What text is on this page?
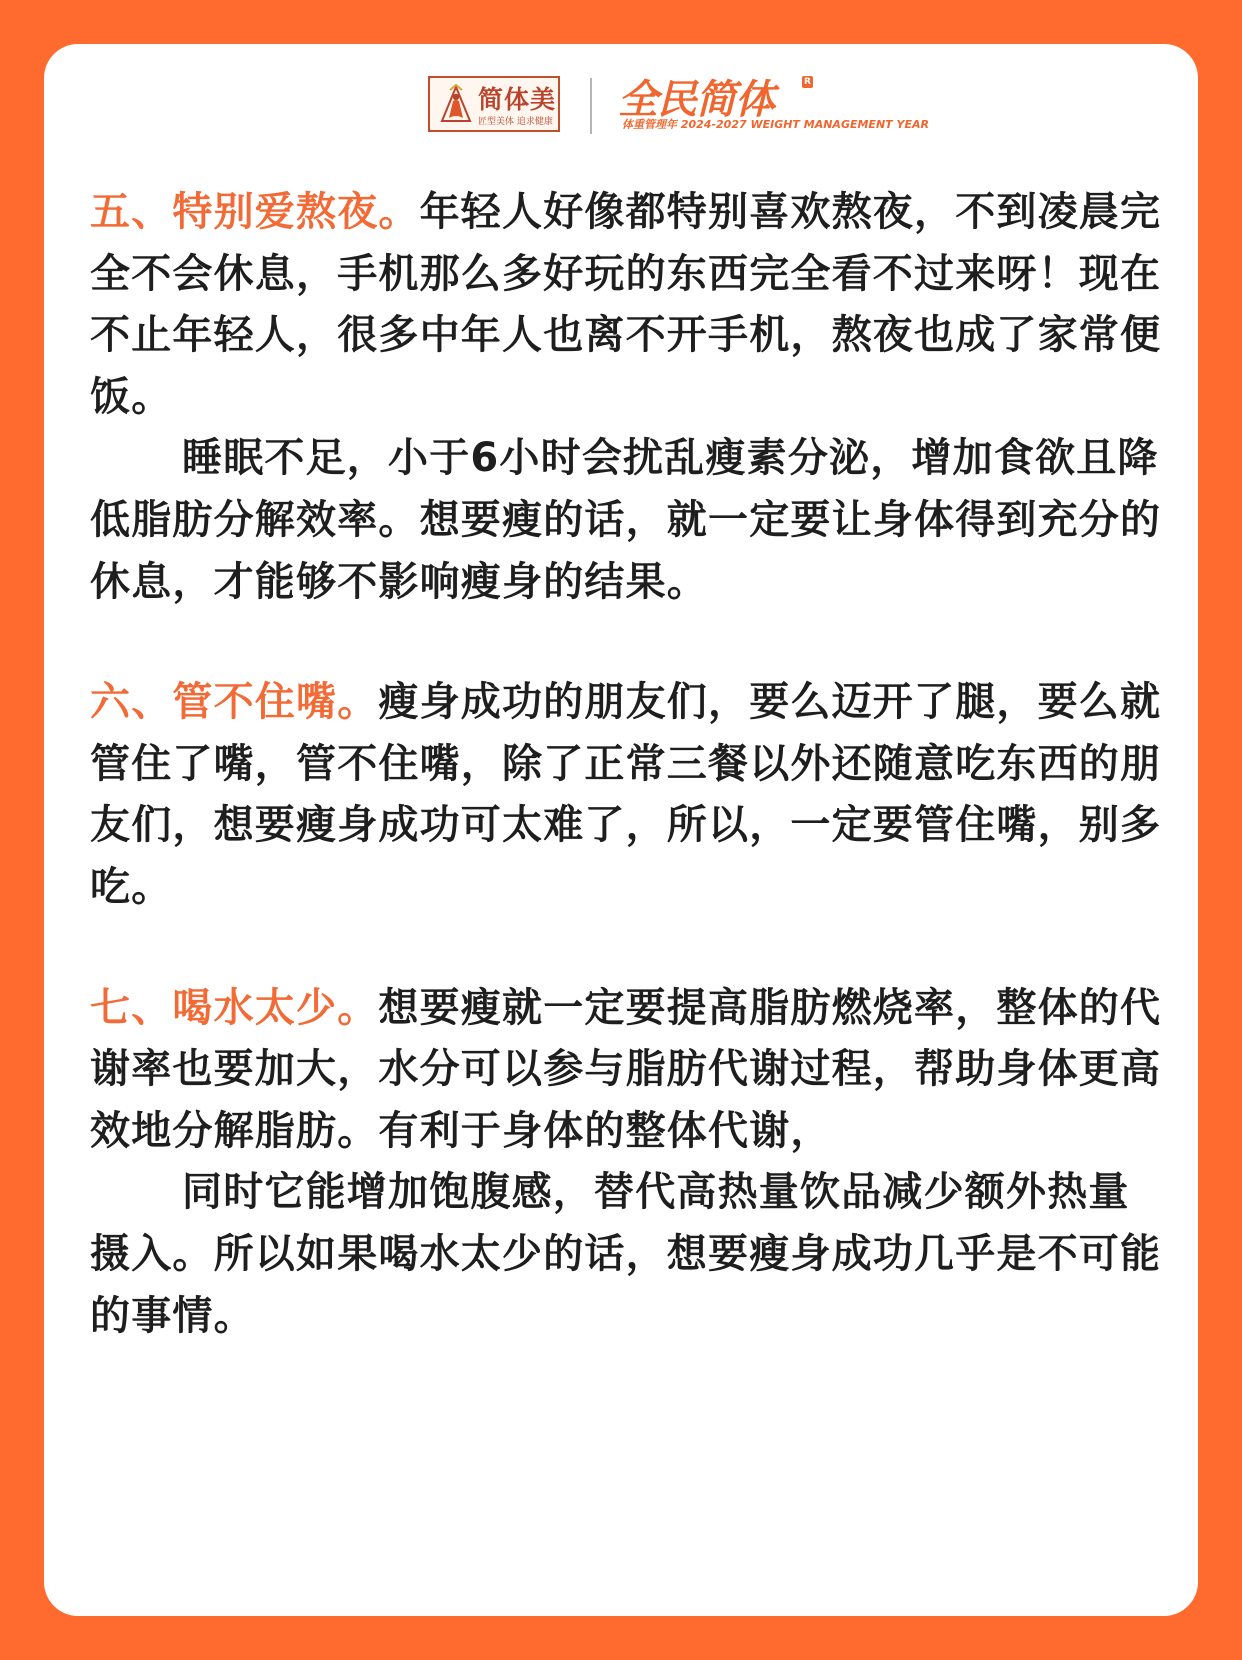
简体美
匠型美体 追求健康 全民简体	R
体重管理年 2024-2027 WEIGHT MANAGEMENT YEAR

五、特别爱熬夜。年轻人好像都特别喜欢熬夜，不到凌晨完全不会休息，手机那么多好玩的东西完全看不过来呀！现在不止年轻人，很多中年人也离不开手机，熬夜也成了家常便饭。

睡眠不足，小于6小时会扰乱瘦素分泌，增加食欲且降低脂肪分解效率。想要瘦的话，就一定要让身体得到充分的休息，才能够不影响瘦身的结果。

六、管不住嘴。瘦身成功的朋友们，要么迈开了腿，要么就管住了嘴，管不住嘴，除了正常三餐以外还随意吃东西的朋友们，想要瘦身成功可太难了，所以，一定要管住嘴，别多吃。

七、喝水太少。想要瘦就一定要提高脂肪燃烧率，整体的代谢率也要加大，水分可以参与脂肪代谢过程，帮助身体更高效地分解脂肪。有利于身体的整体代谢，

同时它能增加饱腹感，替代高热量饮品减少额外热量摄入。所以如果喝水太少的话，想要瘦身成功几乎是不可能的事情。
